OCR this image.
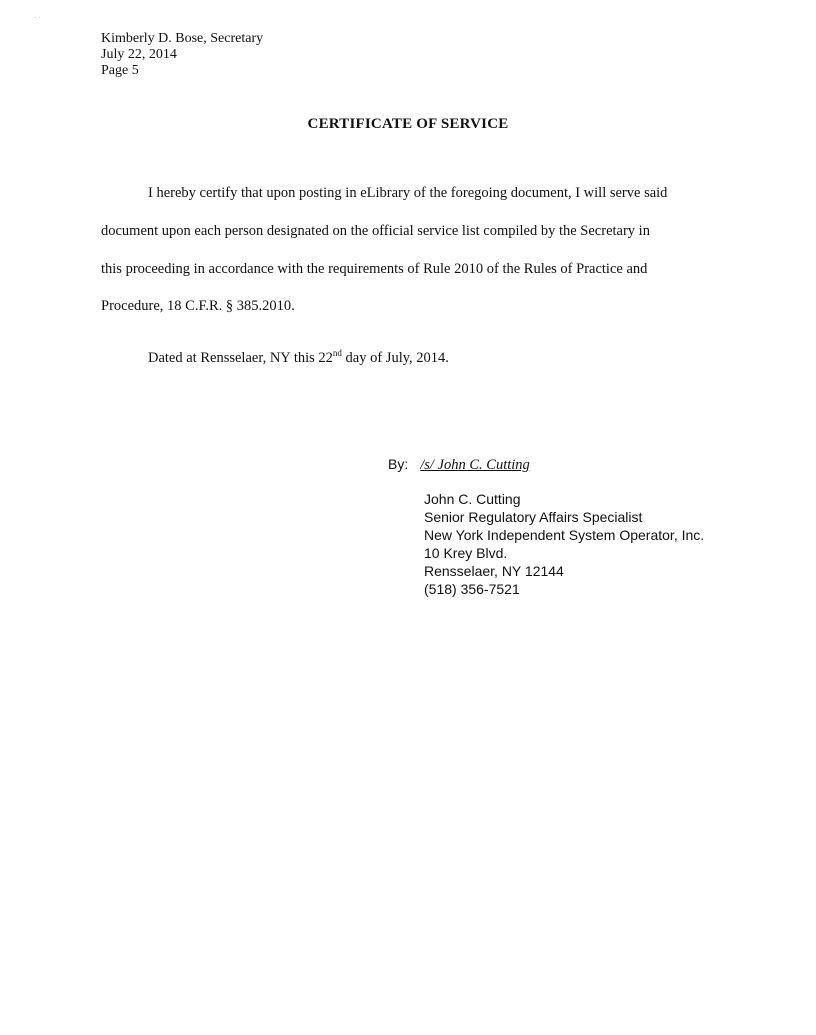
· ·
Kimberly D. Bose, Secretary
July 22, 2014
Page 5
CERTIFICATE OF SERVICE
I hereby certify that upon posting in eLibrary of the foregoing document, I will serve said
document upon each person designated on the official service list compiled by the Secretary in
this proceeding in accordance with the requirements of Rule 2010 of the Rules of Practice and
Procedure, 18 C.F.R. § 385.2010.
Dated at Rensselaer, NY this 22nd day of July, 2014.
By: /s/ John C. Cutting
John C. Cutting
Senior Regulatory Affairs Specialist
New York Independent System Operator, Inc.
10 Krey Blvd.
Rensselaer, NY 12144
(518) 356-7521
